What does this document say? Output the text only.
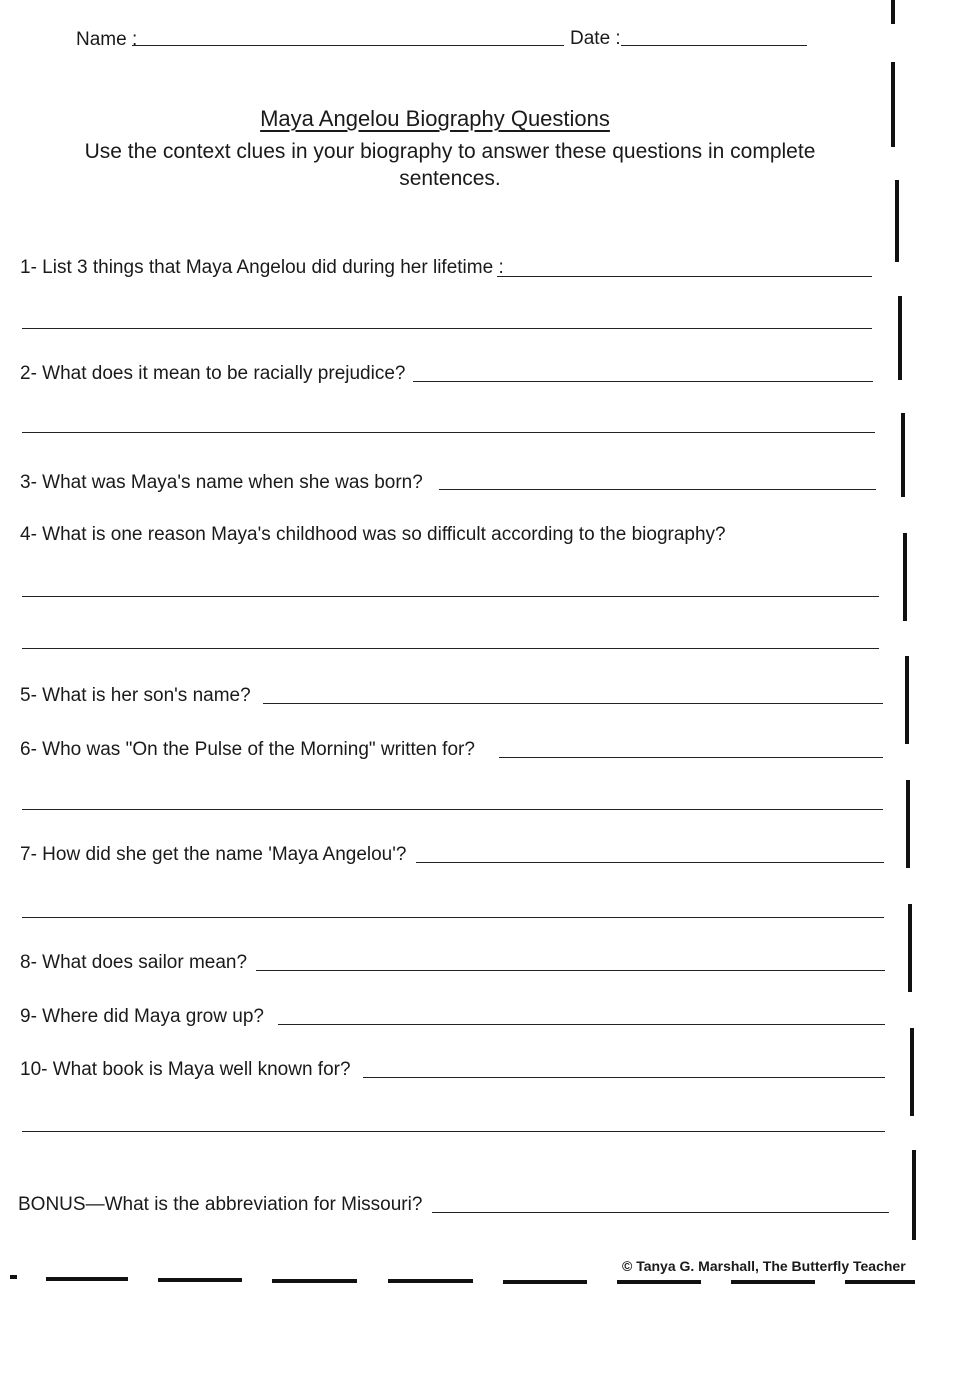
Name :	Date :
Maya Angelou Biography Questions
Use the context clues in your biography to answer these questions in complete sentences.
1- List 3 things that Maya Angelou did during her lifetime :
2- What does it mean to be racially prejudice?
3- What was Maya's name when she was born?
4- What is one reason Maya's childhood was so difficult according to the biography?
5- What is her son's name?
6- Who was "On the Pulse of the Morning" written for?
7- How did she get the name 'Maya Angelou'?
8- What does sailor mean?
9- Where did Maya grow up?
10- What book is Maya well known for?
BONUS—What is the abbreviation for Missouri?
© Tanya G. Marshall, The Butterfly Teacher
